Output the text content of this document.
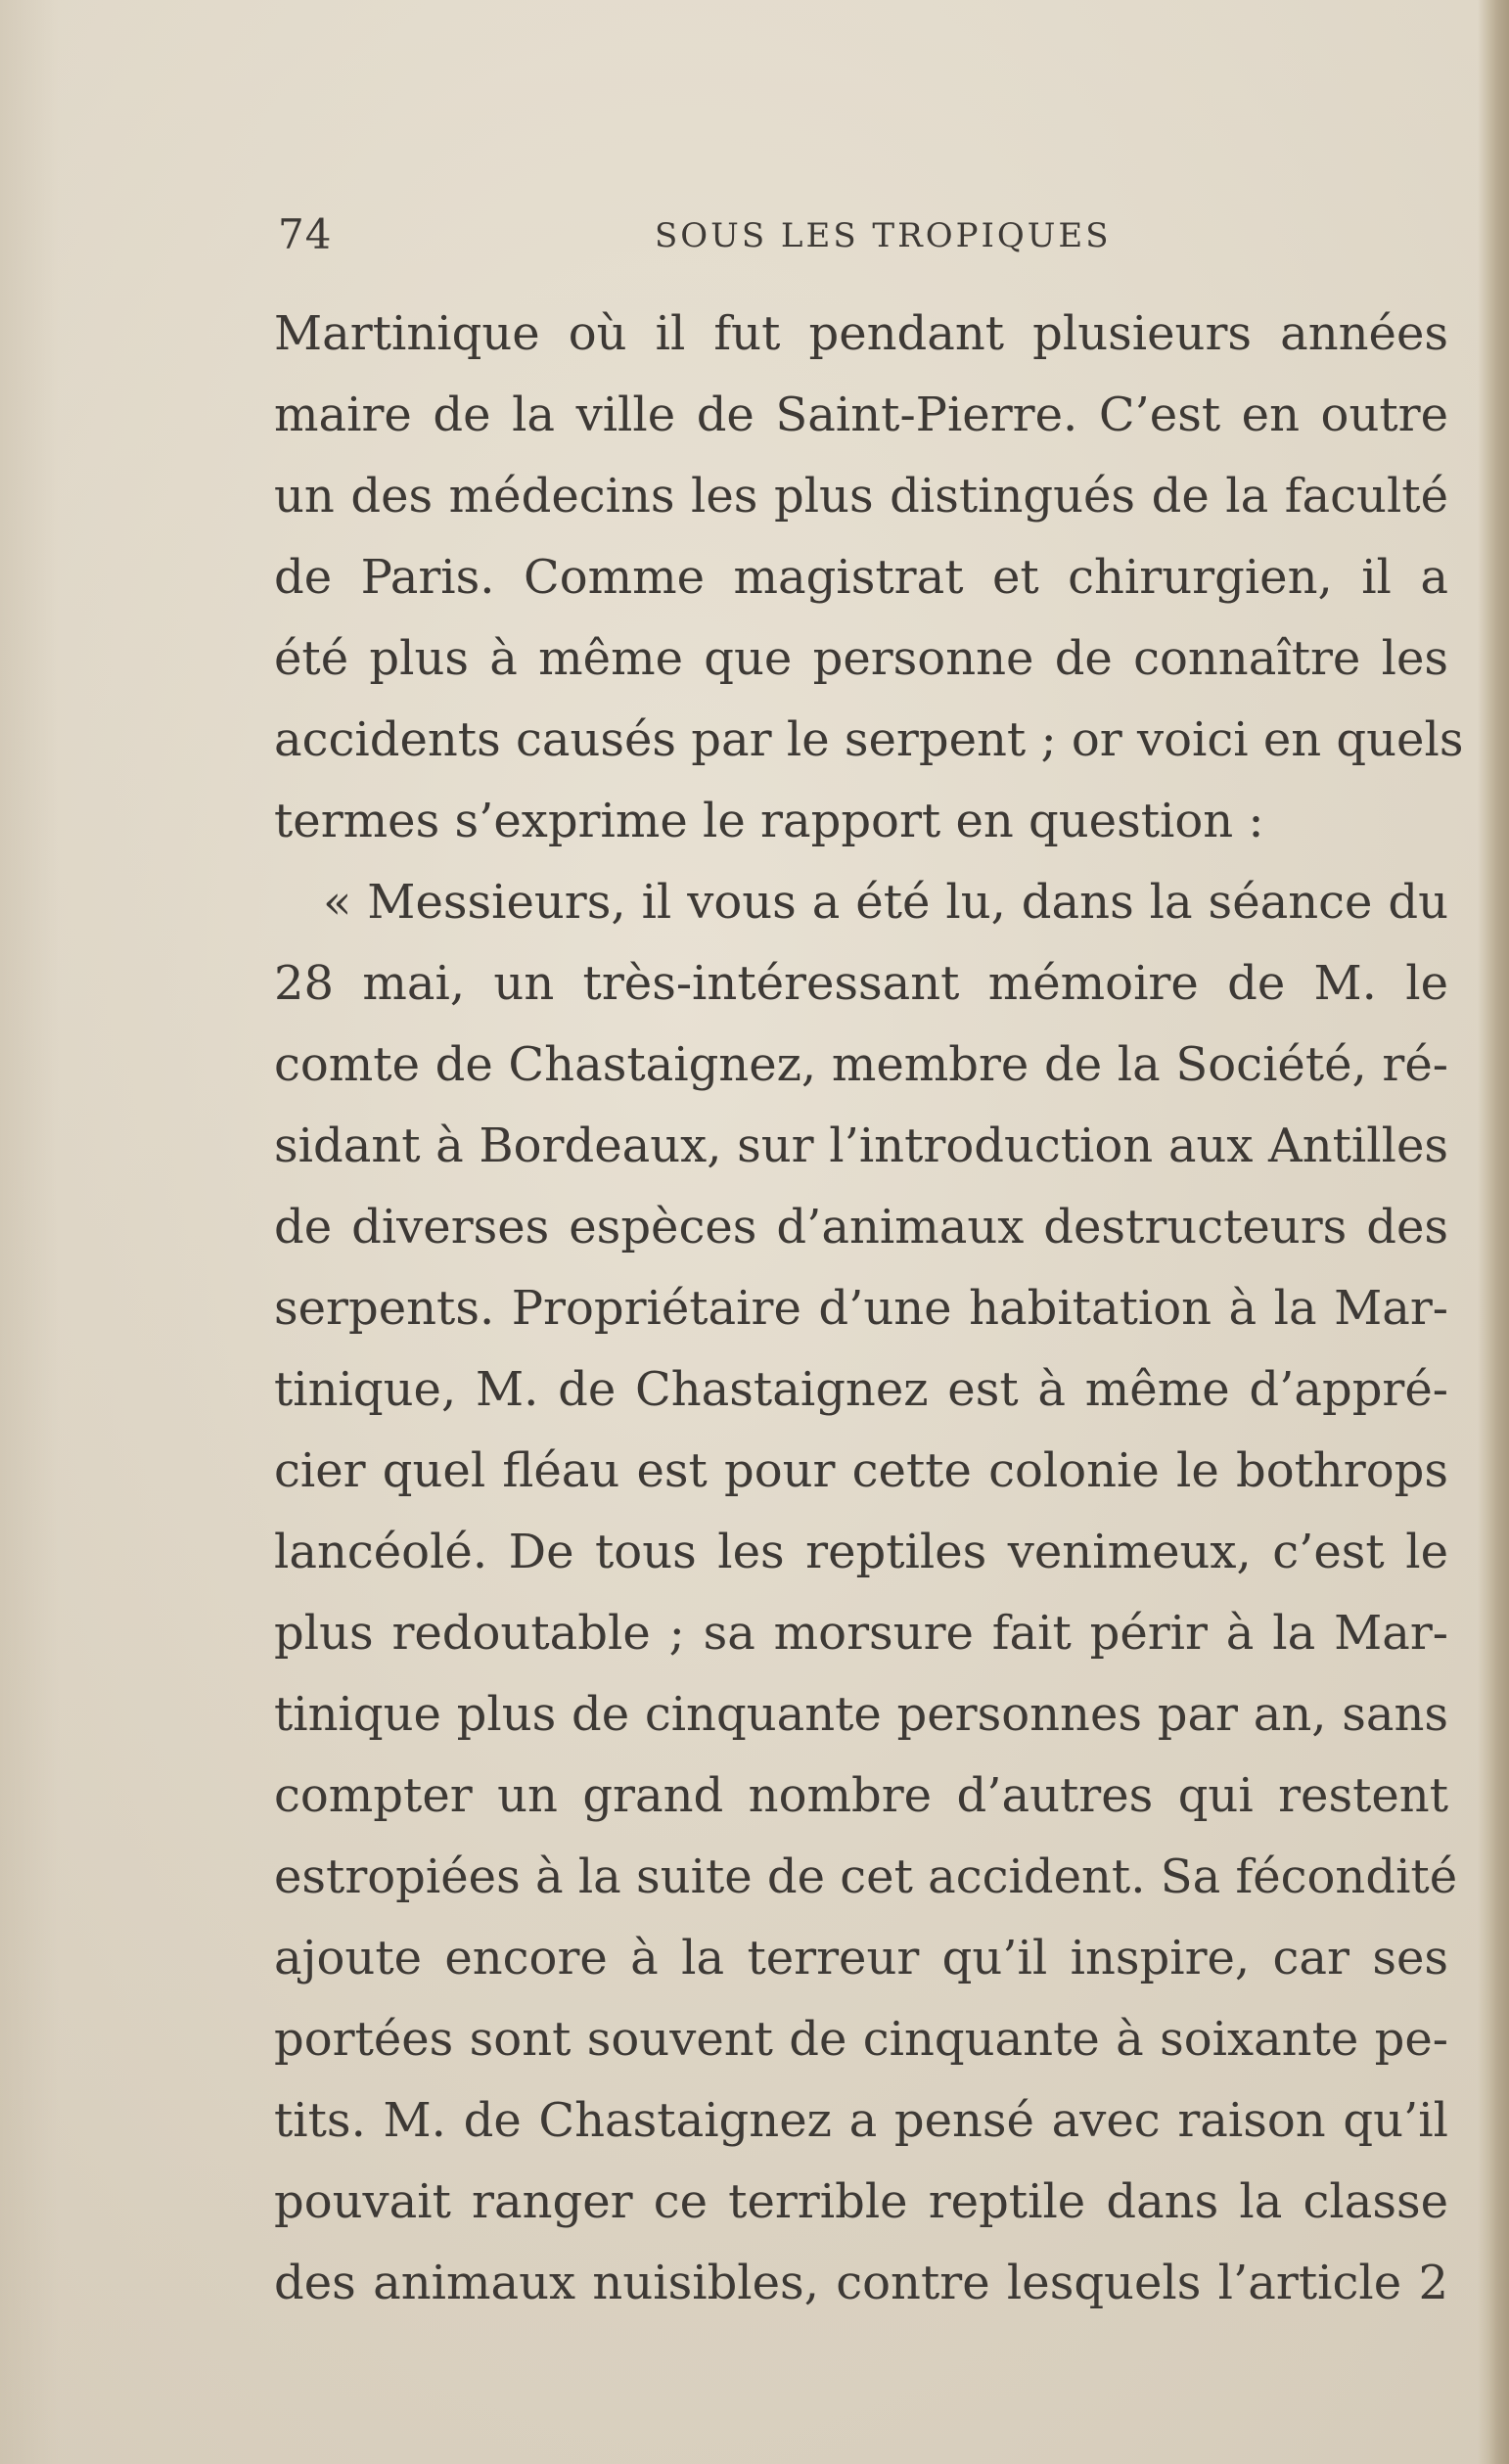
74	SOUS LES TROPIQUES
Martinique où il fut pendant plusieurs années
maire de la ville de Saint-Pierre. C’est en outre
un des médecins les plus distingués de la faculté
de Paris. Comme magistrat et chirurgien, il a
été plus à même que personne de connaître les
accidents causés par le serpent ; or voici en quels
termes s’exprime le rapport en question :
« Messieurs, il vous a été lu, dans la séance du
28 mai, un très-intéressant mémoire de M. le
comte de Chastaignez, membre de la Société, ré-
sidant à Bordeaux, sur l’introduction aux Antilles
de diverses espèces d’animaux destructeurs des
serpents. Propriétaire d’une habitation à la Mar-
tinique, M. de Chastaignez est à même d’appré-
cier quel fléau est pour cette colonie le bothrops
lancéolé. De tous les reptiles venimeux, c’est le
plus redoutable ; sa morsure fait périr à la Mar-
tinique plus de cinquante personnes par an, sans
compter un grand nombre d’autres qui restent
estropiées à la suite de cet accident. Sa fécondité
ajoute encore à la terreur qu’il inspire, car ses
portées sont souvent de cinquante à soixante pe-
tits. M. de Chastaignez a pensé avec raison qu’il
pouvait ranger ce terrible reptile dans la classe
des animaux nuisibles, contre lesquels l’article 2
